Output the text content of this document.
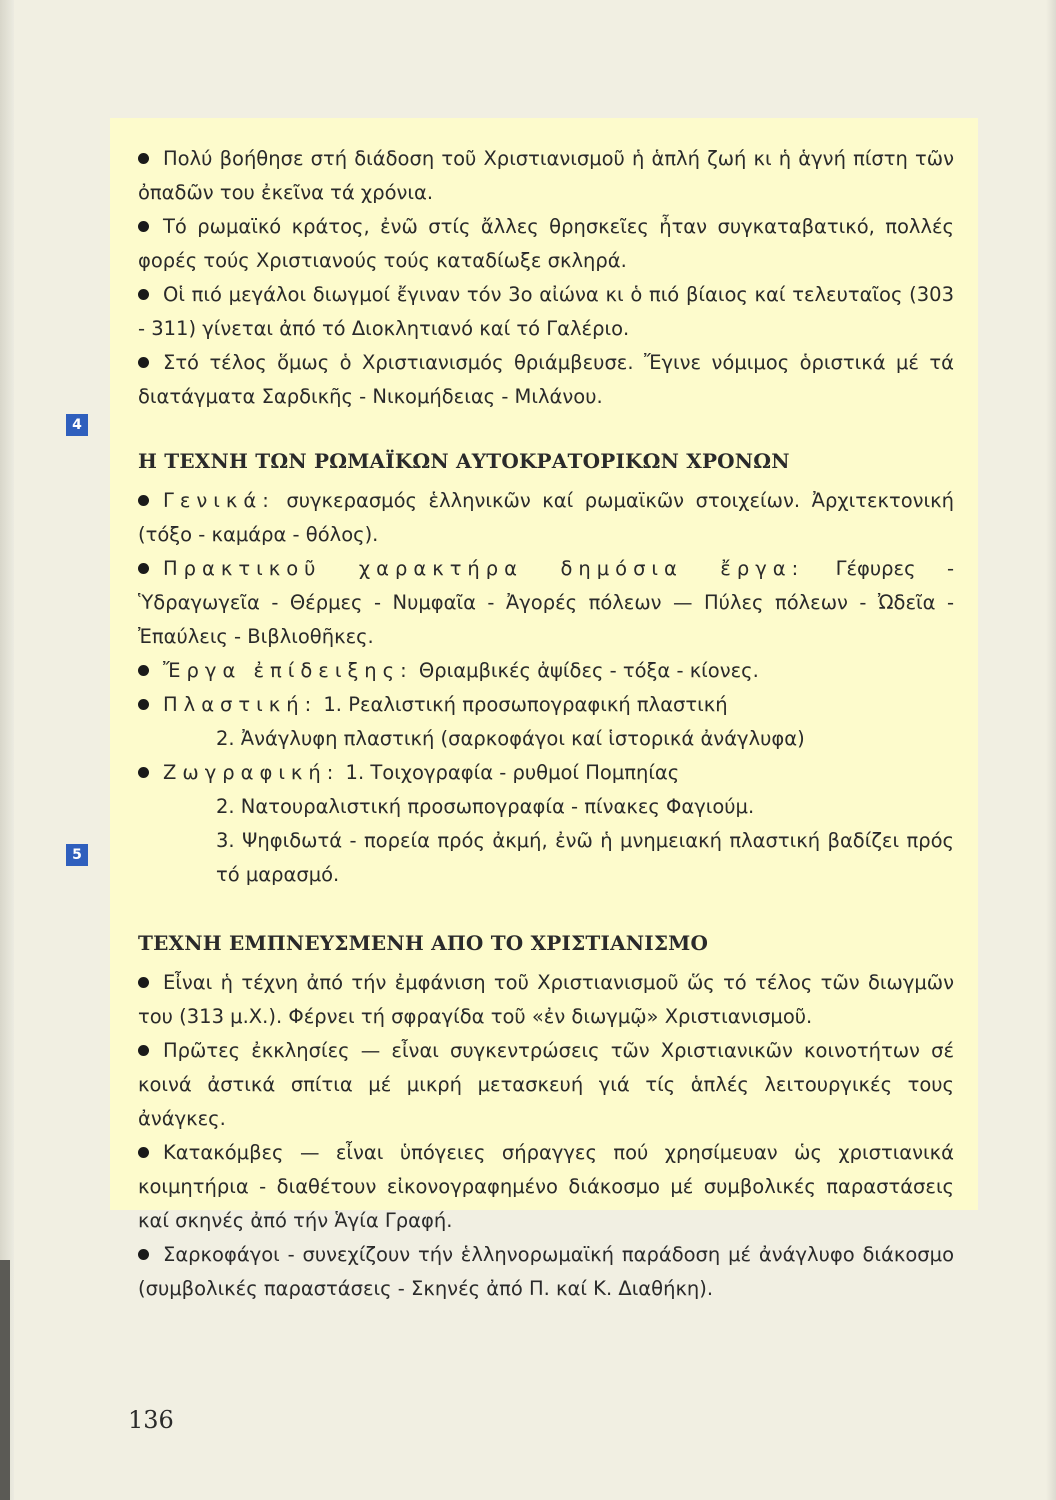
4
5

Πολύ βοήθησε στή διάδοση τοῦ Χριστιανισμοῦ ἡ ἁπλή ζωή κι ἡ ἁγνή πίστη τῶν ὀπαδῶν του ἐκεῖνα τά χρόνια.

Τό ρωμαϊκό κράτος, ἐνῶ στίς ἄλλες θρησκεῖες ἦταν συγκαταβατικό, πολλές φορές τούς Χριστιανούς τούς καταδίωξε σκληρά.

Οἱ πιό μεγάλοι διωγμοί ἔγιναν τόν 3ο αἰώνα κι ὁ πιό βίαιος καί τελευταῖος (303 - 311) γίνεται ἀπό τό Διοκλητιανό καί τό Γαλέριο.

Στό τέλος ὅμως ὁ Χριστιανισμός θριάμβευσε. Ἔγινε νόμιμος ὁριστικά μέ τά διατάγματα Σαρδικῆς - Νικομήδειας - Μιλάνου.

Η ΤΕΧΝΗ ΤΩΝ ΡΩΜΑΪΚΩΝ ΑΥΤΟΚΡΑΤΟΡΙΚΩΝ ΧΡΟΝΩΝ

Γενικά: συγκερασμός ἑλληνικῶν καί ρωμαϊκῶν στοιχείων. Ἀρχιτεκτονική (τόξο - καμάρα - θόλος).

Πρακτικοῦ χαρακτήρα δημόσια ἔργα: Γέφυρες - Ὑδραγωγεῖα - Θέρμες - Νυμφαῖα - Ἀγορές πόλεων — Πύλες πόλεων - Ὠδεῖα - Ἐπαύλεις - Βιβλιοθῆκες.

Ἔργα ἐπίδειξης: Θριαμβικές ἀψίδες - τόξα - κίονες.

Πλαστική: 1. Ρεαλιστική προσωπογραφική πλαστική

2. Ἀνάγλυφη πλαστική (σαρκοφάγοι καί ἱστορικά ἀνάγλυφα)

Ζωγραφική: 1. Τοιχογραφία - ρυθμοί Πομπηίας

2. Νατουραλιστική προσωπογραφία - πίνακες Φαγιούμ.

3. Ψηφιδωτά - πορεία πρός ἀκμή, ἐνῶ ἡ μνημειακή πλαστική βαδίζει πρός τό μαρασμό.

ΤΕΧΝΗ ΕΜΠΝΕΥΣΜΕΝΗ ΑΠΟ ΤΟ ΧΡΙΣΤΙΑΝΙΣΜΟ

Εἶναι ἡ τέχνη ἀπό τήν ἐμφάνιση τοῦ Χριστιανισμοῦ ὥς τό τέλος τῶν διωγμῶν του (313 μ.Χ.). Φέρνει τή σφραγίδα τοῦ «ἐν διωγμῷ» Χριστιανισμοῦ.

Πρῶτες ἐκκλησίες — εἶναι συγκεντρώσεις τῶν Χριστιανικῶν κοινοτήτων σέ κοινά ἀστικά σπίτια μέ μικρή μετασκευή γιά τίς ἁπλές λειτουργικές τους ἀνάγκες.

Κατακόμβες — εἶναι ὑπόγειες σήραγγες πού χρησίμευαν ὡς χριστιανικά κοιμητήρια - διαθέτουν εἰκονογραφημένο διάκοσμο μέ συμβολικές παραστάσεις καί σκηνές ἀπό τήν Ἁγία Γραφή.

Σαρκοφάγοι - συνεχίζουν τήν ἑλληνορωμαϊκή παράδοση μέ ἀνάγλυφο διάκοσμο (συμβολικές παραστάσεις - Σκηνές ἀπό Π. καί Κ. Διαθήκη).

136
